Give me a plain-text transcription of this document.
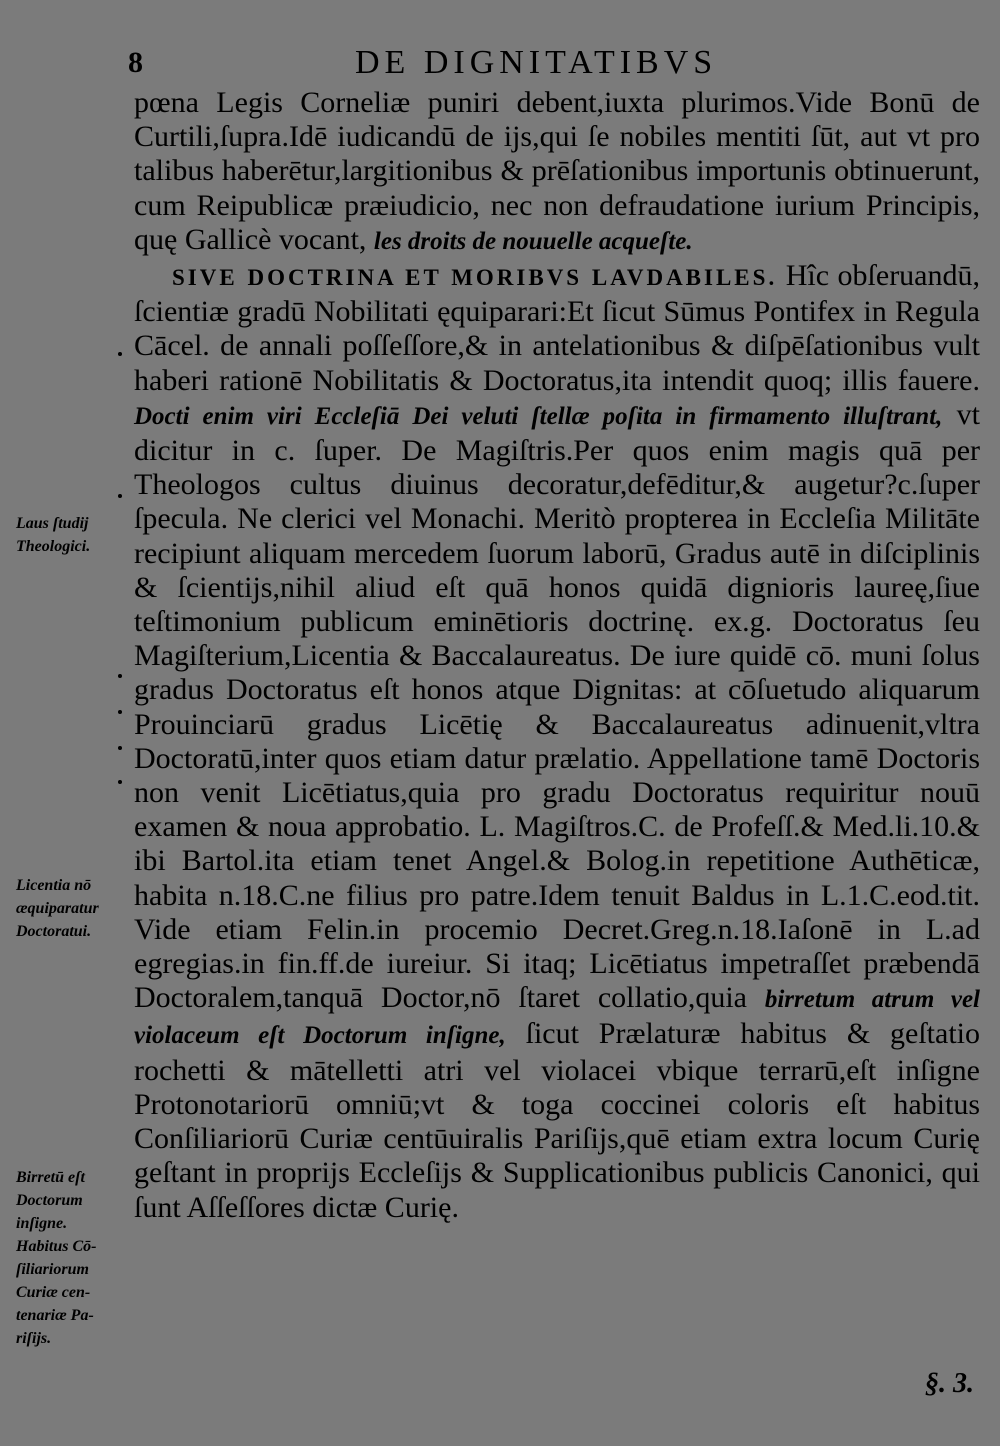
8	DE DIGNITATIBVS

pœna Legis Corneliæ puniri debent,iuxta plurimos.Vide Bonū de Curtili,ſupra.Idē iudicandū de ijs,qui ſe nobiles mentiti ſūt, aut vt pro talibus haberētur,largitionibus & prēſationibus importunis obtinuerunt, cum Reipublicæ præiudicio, nec non defraudatione iurium Principis, quę Gallicè vocant, les droits de nouuelle acqueſte.

SIVE DOCTRINA ET MORIBVS LAVDABILES. Hîc obſeruandū, ſcientiæ gradū Nobilitati ęquiparari:Et ſicut Sūmus Pontifex in Regula Cācel. de annali poſſeſſore,& in antelationibus & diſpēſationibus vult haberi rationē Nobilitatis & Doctoratus,ita intendit quoq; illis fauere. Docti enim viri Eccleſiā Dei veluti ſtellæ poſita in firmamento illuſtrant, vt dicitur in c. ſuper. De Magiſtris.Per quos enim magis quā per Theologos cultus diuinus decoratur,defēditur,& augetur?c.ſuper ſpecula. Ne clerici vel Monachi. Meritò propterea in Eccleſia Militāte recipiunt aliquam mercedem ſuorum laborū, Gradus autē in diſciplinis & ſcientijs,nihil aliud eſt quā honos quidā dignioris laureę,ſiue teſtimonium publicum eminētioris doctrinę. ex.g. Doctoratus ſeu Magiſterium,Licentia & Baccalaureatus. De iure quidē cō. muni ſolus gradus Doctoratus eſt honos atque Dignitas: at cōſuetudo aliquarum Prouinciarū gradus Licētię & Baccalaureatus adinuenit,vltra Doctoratū,inter quos etiam datur prælatio. Appellatione tamē Doctoris non venit Licētiatus,quia pro gradu Doctoratus requiritur nouū examen & noua approbatio. L. Magiſtros.C. de Profeſſ.& Med.li.10.& ibi Bartol.ita etiam tenet Angel.& Bolog.in repetitione Authēticæ, habita n.18.C.ne filius pro patre.Idem tenuit Baldus in L.1.C.eod.tit. Vide etiam Felin.in procemio Decret.Greg.n.18.Iaſonē in L.ad egregias.in fin.ff.de iureiur. Si itaq; Licētiatus impetraſſet præbendā Doctoralem,tanquā Doctor,nō ſtaret collatio,quia birretum atrum vel violaceum eſt Doctorum inſigne, ſicut Prælaturæ habitus & geſtatio rochetti & mātelletti atri vel violacei vbique terrarū,eſt inſigne Protonotariorū omniū;vt & toga coccinei coloris eſt habitus Conſiliariorū Curiæ centūuiralis Pariſijs,quē etiam extra locum Curię geſtant in proprijs Eccleſijs & Supplicationibus publicis Canonici, qui ſunt Aſſeſſores dictæ Curię.

Laus ſtudij
Theologici.
Licentia nō
æquiparatur
Doctoratui.
Birretū eſt
Doctorum
inſigne.
Habitus Cō-
ſiliariorum
Curiæ cen-
tenariæ Pa-
riſijs.
§. 3.
